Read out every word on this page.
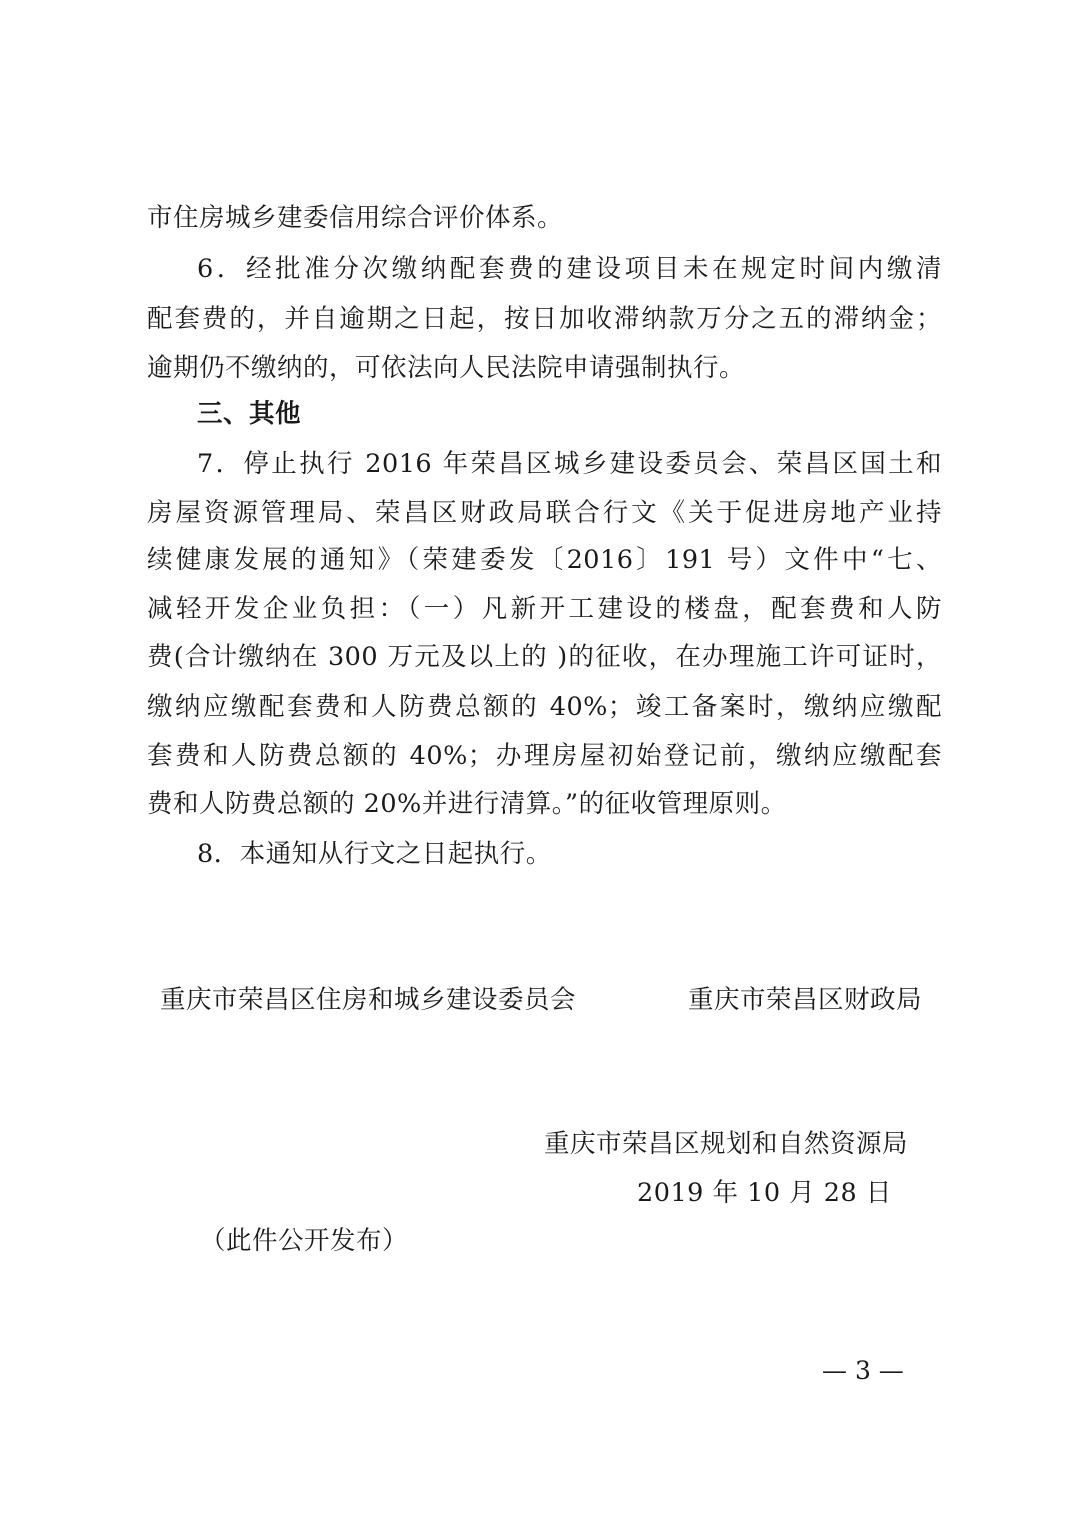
市住房城乡建委信用综合评价体系。
6．经批准分次缴纳配套费的建设项目未在规定时间内缴清
配套费的，并自逾期之日起，按日加收滞纳款万分之五的滞纳金；
逾期仍不缴纳的，可依法向人民法院申请强制执行。
三、其他
7．停止执行 2016 年荣昌区城乡建设委员会、荣昌区国土和
房屋资源管理局、荣昌区财政局联合行文《关于促进房地产业持
续健康发展的通知》（荣建委发〔2016〕191 号）文件中“七、
减轻开发企业负担：（一）凡新开工建设的楼盘，配套费和人防
费(合计缴纳在 300 万元及以上的 )的征收，在办理施工许可证时，
缴纳应缴配套费和人防费总额的 40%；竣工备案时，缴纳应缴配
套费和人防费总额的 40%；办理房屋初始登记前，缴纳应缴配套
费和人防费总额的 20%并进行清算。”的征收管理原则。
8．本通知从行文之日起执行。
重庆市荣昌区住房和城乡建设委员会	重庆市荣昌区财政局
重庆市荣昌区规划和自然资源局
2019 年 10 月 28 日
（此件公开发布）
— 3 —
